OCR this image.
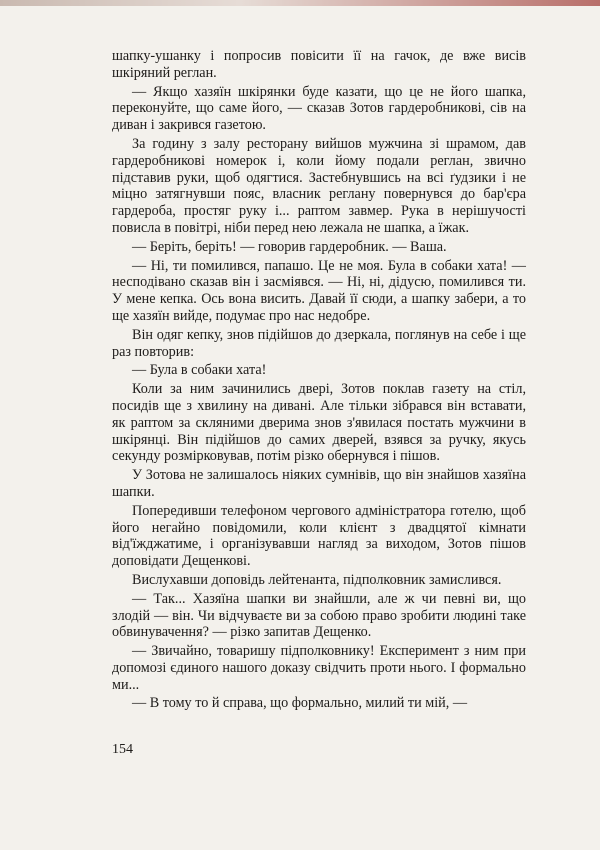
шапку-ушанку і попросив повісити її на гачок, де вже висів шкіряний реглан.

— Якщо хазяїн шкірянки буде казати, що це не його шапка, переконуйте, що саме його, — сказав Зотов гардеробникові, сів на диван і закрився газетою.

За годину з залу ресторану вийшов мужчина зі шрамом, дав гардеробникові номерок і, коли йому подали реглан, звично підставив руки, щоб одягтися. Застебнувшись на всі ґудзики і не міцно затягнувши пояс, власник реглану повернувся до бар'єра гардероба, простяг руку і... раптом завмер. Рука в нерішучості повисла в повітрі, ніби перед нею лежала не шапка, а їжак.

— Беріть, беріть! — говорив гардеробник. — Ваша.

— Ні, ти помилився, папашо. Це не моя. Була в собаки хата! — несподівано сказав він і засміявся. — Ні, ні, дідусю, помилився ти. У мене кепка. Ось вона висить. Давай її сюди, а шапку забери, а то ще хазяїн вийде, подумає про нас недобре.

Він одяг кепку, знов підійшов до дзеркала, поглянув на себе і ще раз повторив:

— Була в собаки хата!

Коли за ним зачинились двері, Зотов поклав газету на стіл, посидів ще з хвилину на дивані. Але тільки зібрався він вставати, як раптом за скляними дверима знов з'явилася постать мужчини в шкірянці. Він підійшов до самих дверей, взявся за ручку, якусь секунду розмірковував, потім різко обернувся і пішов.

У Зотова не залишалось ніяких сумнівів, що він знайшов хазяїна шапки.

Попередивши телефоном чергового адміністратора готелю, щоб його негайно повідомили, коли клієнт з двадцятої кімнати від'їжджатиме, і організувавши нагляд за виходом, Зотов пішов доповідати Дещенкові.

Вислухавши доповідь лейтенанта, підполковник замислився.

— Так... Хазяїна шапки ви знайшли, але ж чи певні ви, що злодій — він. Чи відчуваєте ви за собою право зробити людині таке обвинувачення? — різко запитав Дещенко.

— Звичайно, товаришу підполковнику! Експеримент з ним при допомозі єдиного нашого доказу свідчить проти нього. І формально ми...

— В тому то й справа, що формально, милий ти мій, —

154
